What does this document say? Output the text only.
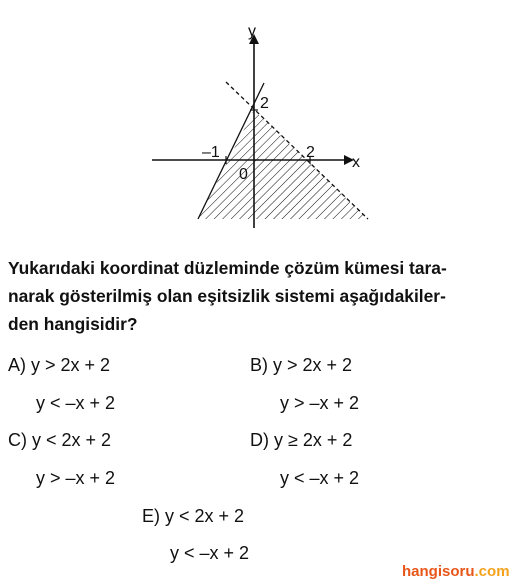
y
x
2
–1	2
0

Yukarıdaki koordinat düzleminde çözüm kümesi tara-
narak gösterilmiş olan eşitsizlik sistemi aşağıdakiler-
den hangisidir?

A) y > 2x + 2
y < –x + 2
B) y > 2x + 2
y > –x + 2
C) y < 2x + 2
y > –x + 2
D) y ≥ 2x + 2
y < –x + 2
E) y < 2x + 2
y < –x + 2
hangisoru.com
